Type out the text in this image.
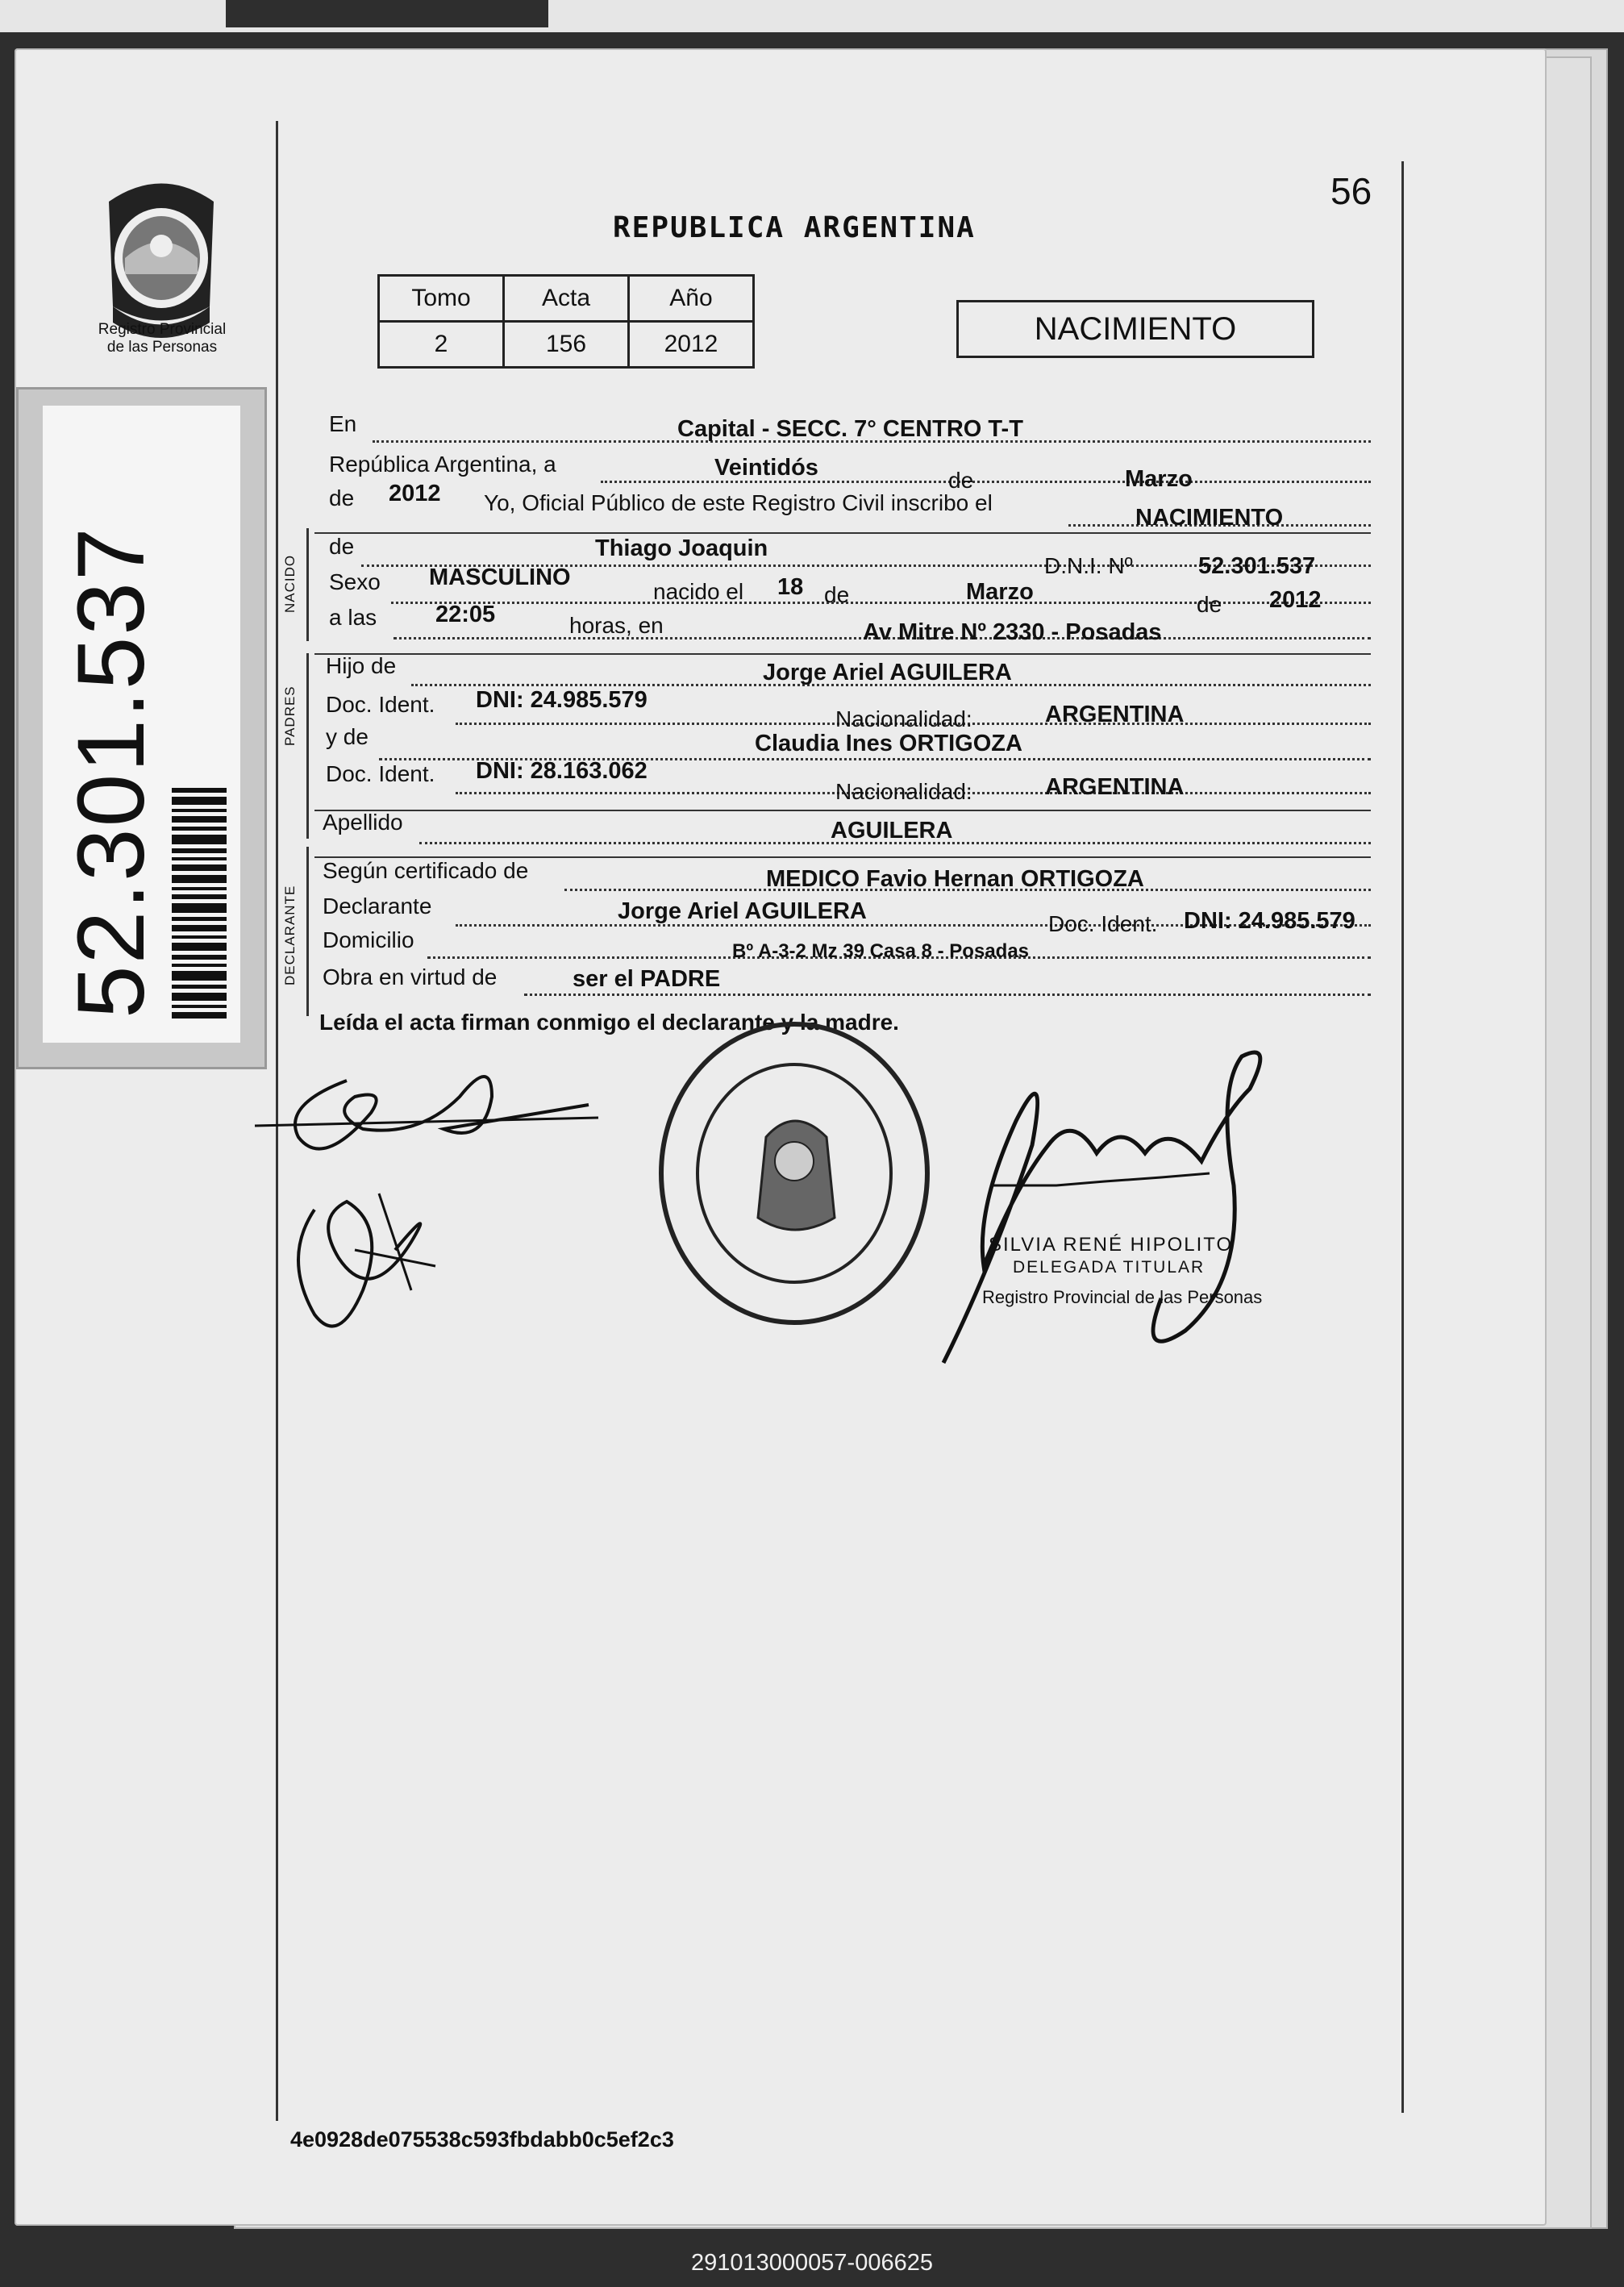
Registro Provincial
de las Personas
52.301.537
56
REPUBLICA ARGENTINA
Tomo	Acta	Año
2	156	2012	NACIMIENTO
NACIDO
PADRES
DECLARANTE
En	Capital - SECC. 7° CENTRO T-T
República Argentina, a	Veintidós	de	Marzo
de 2012 Yo, Oficial Público de este Registro Civil inscribo el
NACIMIENTO
de	Thiago Joaquin
D.N.I. Nº	52.301.537
Sexo MASCULINO
nacido el 18 de	Marzo	de 2012
a las	22:05	horas, en	Av Mitre Nº 2330 - Posadas
Hijo de	Jorge Ariel AGUILERA
Doc. Ident. DNI: 24.985.579
Nacionalidad:	ARGENTINA
y de	Claudia Ines ORTIGOZA
Doc. Ident. DNI: 28.163.062
Nacionalidad:	ARGENTINA
Apellido	AGUILERA
Según certificado de	MEDICO Favio Hernan ORTIGOZA
Declarante	Jorge Ariel AGUILERA	Doc. Ident. DNI: 24.985.579
Domicilio	Bº A-3-2 Mz 39 Casa 8 - Posadas
Obra en virtud de	ser el PADRE
Leída el acta firman conmigo el declarante y la madre.
SILVIA RENÉ HIPOLITO
DELEGADA TITULAR
Registro Provincial de las Personas
4e0928de075538c593fbdabb0c5ef2c3
291013000057-006625
